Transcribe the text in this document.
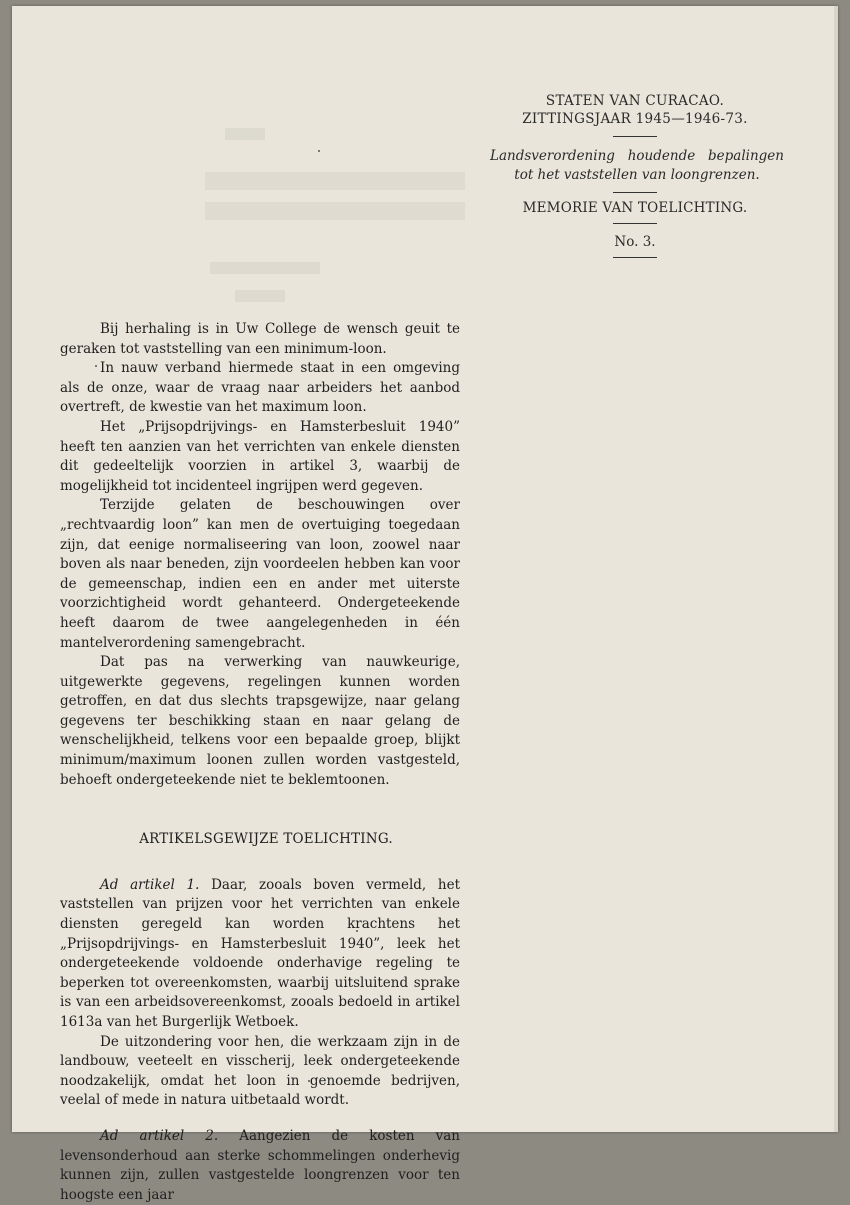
STATEN VAN CURACAO.
ZITTINGSJAAR 1945—1946-73.
Landsverordening houdende bepalingen tot het vaststellen van loongrenzen.
MEMORIE VAN TOELICHTING.
No. 3.

Bij herhaling is in Uw College de wensch geuit te geraken tot vaststelling van een minimum-loon.

In nauw verband hiermede staat in een omgeving als de onze, waar de vraag naar arbeiders het aanbod overtreft, de kwestie van het maximum loon.

Het „Prijsopdrijvings- en Hamsterbesluit 1940” heeft ten aanzien van het verrichten van enkele diensten dit gedeeltelijk voorzien in artikel 3, waarbij de mogelijkheid tot incidenteel ingrijpen werd gegeven.

Terzijde gelaten de beschouwingen over „rechtvaardig loon” kan men de overtuiging toegedaan zijn, dat eenige normaliseering van loon, zoowel naar boven als naar beneden, zijn voordeelen hebben kan voor de gemeenschap, indien een en ander met uiterste voorzichtigheid wordt gehanteerd. Ondergeteekende heeft daarom de twee aangelegenheden in één mantelverordening samengebracht.

Dat pas na verwerking van nauwkeurige, uitgewerkte gegevens, regelingen kunnen worden getroffen, en dat dus slechts trapsgewijze, naar gelang gegevens ter beschikking staan en naar gelang de wenschelijkheid, telkens voor een bepaalde groep, blijkt minimum/maximum loonen zullen worden vastgesteld, behoeft ondergeteekende niet te beklemtoonen.

ARTIKELSGEWIJZE TOELICHTING.

Ad artikel 1. Daar, zooals boven vermeld, het vaststellen van prijzen voor het verrichten van enkele diensten geregeld kan worden krachtens het „Prijsopdrijvings- en Hamsterbesluit 1940”, leek het ondergeteekende voldoende onderhavige regeling te beperken tot overeenkomsten, waarbij uitsluitend sprake is van een arbeidsovereenkomst, zooals bedoeld in artikel 1613a van het Burgerlijk Wetboek.

De uitzondering voor hen, die werkzaam zijn in de landbouw, veeteelt en visscherij, leek ondergeteekende noodzakelijk, omdat het loon in genoemde bedrijven, veelal of mede in natura uitbetaald wordt.

Ad artikel 2. Aangezien de kosten van levensonderhoud aan sterke schommelingen onderhevig kunnen zijn, zullen vastgestelde loongrenzen voor ten hoogste een jaar
